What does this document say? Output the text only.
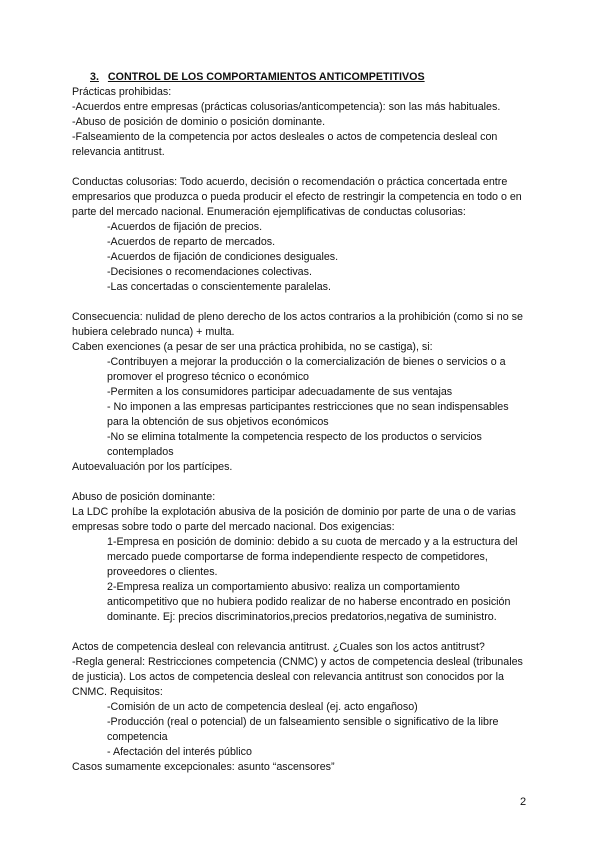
3. CONTROL DE LOS COMPORTAMIENTOS ANTICOMPETITIVOS

Prácticas prohibidas:

-Acuerdos entre empresas (prácticas colusorias/anticompetencia): son las más habituales.

-Abuso de posición de dominio o posición dominante.

-Falseamiento de la competencia por actos desleales o actos de competencia desleal con relevancia antitrust.

Conductas colusorias: Todo acuerdo, decisión o recomendación o práctica concertada entre empresarios que produzca o pueda producir el efecto de restringir la competencia en todo o en parte del mercado nacional. Enumeración ejemplificativas de conductas colusorias:

-Acuerdos de fijación de precios.

-Acuerdos de reparto de mercados.

-Acuerdos de fijación de condiciones desiguales.

-Decisiones o recomendaciones colectivas.

-Las concertadas o conscientemente paralelas.

Consecuencia: nulidad de pleno derecho de los actos contrarios a la prohibición (como si no se hubiera celebrado nunca) + multa.

Caben exenciones (a pesar de ser una práctica prohibida, no se castiga), si:

-Contribuyen a mejorar la producción o la comercialización de bienes o servicios o a promover el progreso técnico o económico

-Permiten a los consumidores participar adecuadamente de sus ventajas

- No imponen a las empresas participantes restricciones que no sean indispensables para la obtención de sus objetivos económicos

-No se elimina totalmente la competencia respecto de los productos o servicios contemplados

Autoevaluación por los partícipes.

Abuso de posición dominante:

La LDC prohíbe la explotación abusiva de la posición de dominio por parte de una o de varias empresas sobre todo o parte del mercado nacional. Dos exigencias:

1-Empresa en posición de dominio: debido a su cuota de mercado y a la estructura del mercado puede comportarse de forma independiente respecto de competidores, proveedores o clientes.

2-Empresa realiza un comportamiento abusivo: realiza un comportamiento anticompetitivo que no hubiera podido realizar de no haberse encontrado en posición dominante. Ej: precios discriminatorios,precios predatorios,negativa de suministro.

Actos de competencia desleal con relevancia antitrust. ¿Cuales son los actos antitrust?

-Regla general: Restricciones competencia (CNMC) y actos de competencia desleal (tribunales de justicia). Los actos de competencia desleal con relevancia antitrust son conocidos por la CNMC. Requisitos:

-Comisión de un acto de competencia desleal (ej. acto engañoso)

-Producción (real o potencial) de un falseamiento sensible o significativo de la libre competencia

- Afectación del interés público

Casos sumamente excepcionales: asunto “ascensores”

2
